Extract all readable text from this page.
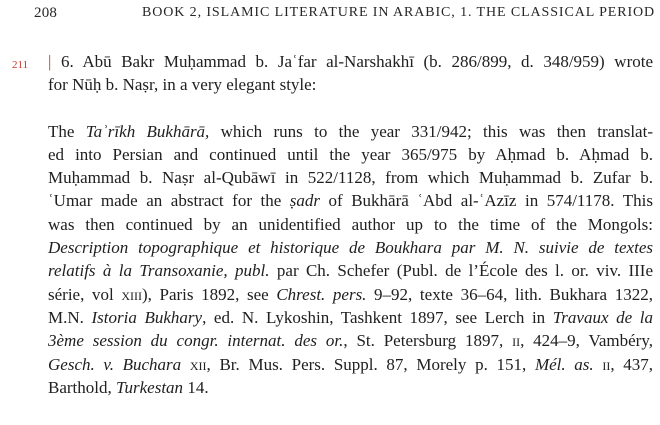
208	BOOK 2, ISLAMIC LITERATURE IN ARABIC, 1. THE CLASSICAL PERIOD
211 | 6. Abū Bakr Muḥammad b. Jaʿfar al-Narshakhī (b. 286/899, d. 348/959) wrote
for Nūḥ b. Naṣr, in a very elegant style:
The Taʾrīkh Bukhārā, which runs to the year 331/942; this was then translat-
ed into Persian and continued until the year 365/975 by Aḥmad b. Aḥmad b.
Muḥammad b. Naṣr al-Qubāwī in 522/1128, from which Muḥammad b. Zufar b.
ʿUmar made an abstract for the ṣadr of Bukhārā ʿAbd al-ʿAzīz in 574/1178. This
was then continued by an unidentified author up to the time of the Mongols:
Description topographique et historique de Boukhara par M. N. suivie de textes
relatifs à la Transoxanie, publ. par Ch. Schefer (Publ. de l’École des l. or. viv. IIIe
série, vol xiii), Paris 1892, see Chrest. pers. 9–92, texte 36–64, lith. Bukhara 1322,
M.N. Istoria Bukhary, ed. N. Lykoshin, Tashkent 1897, see Lerch in Travaux de la
3ème session du congr. internat. des or., St. Petersburg 1897, ii, 424–9, Vambéry,
Gesch. v. Buchara xii, Br. Mus. Pers. Suppl. 87, Morely p. 151, Mél. as. ii, 437,
Barthold, Turkestan 14.
